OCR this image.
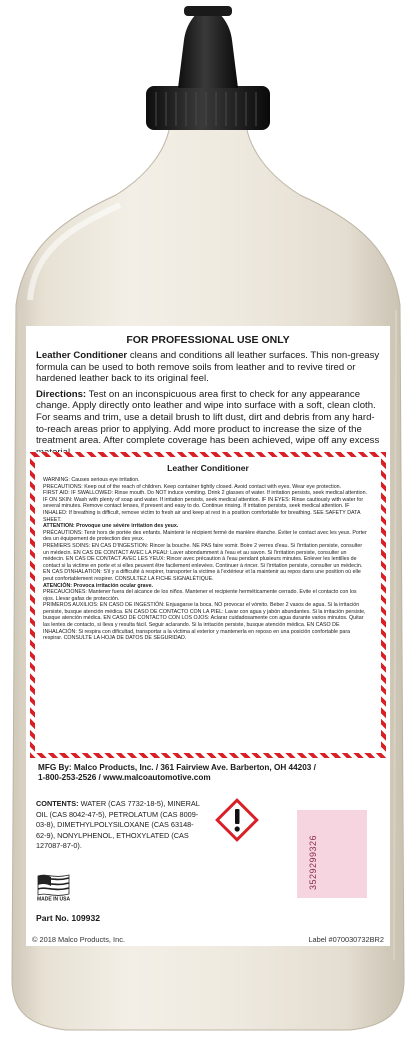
FOR PROFESSIONAL USE ONLY
Leather Conditioner cleans and conditions all leather surfaces. This non-greasy formula can be used to both remove soils from leather and to revive tired or hardened leather back to its original feel.
Directions: Test on an inconspicuous area first to check for any appearance change. Apply directly onto leather and wipe into surface with a soft, clean cloth. For seams and trim, use a detail brush to lift dust, dirt and debris from any hard-to-reach areas prior to applying. Add more product to increase the size of the treatment area. After complete coverage has been achieved, wipe off any excess
Leather Conditioner
WARNING: Causes serious eye irritation.
PRECAUTIONS: Keep out of the reach of children. Keep container tightly closed. Avoid contact with eyes. Wear eye protection.
FIRST AID: IF SWALLOWED: Rinse mouth. Do NOT induce vomiting. Drink 2 glasses of water. If irritation persists, seek medical attention. IF ON SKIN: Wash with plenty of soap and water. If irritation persists, seek medical attention. IF IN EYES: Rinse cautiously with water for several minutes. Remove contact lenses, if present and easy to do. Continue rinsing. If irritation persists, seek medical attention. IF INHALED: If breathing is difficult, remove victim to fresh air and keep at rest in a position comfortable for breathing. SEE SAFETY DATA SHEET.
ATTENTION: Provoque une sévère irritation des yeux.
PRÉCAUTIONS: Tenir hors de portée des enfants. Maintenir le récipient fermé de manière étanche. Éviter le contact avec les yeux. Porter des un équipement de protection des yeux.
PREMIERS SOINS: EN CAS D'INGESTION: Rincer la bouche. NE PAS faire vomir. Boire 2 verres d'eau. Si l'irritation persiste, consulter un médecin. EN CAS DE CONTACT AVEC LA PEAU: Laver abondamment à l'eau et au savon. Si l'irritation persiste, consulter un médecin. EN CAS DE CONTACT AVEC LES YEUX: Rincer avec précaution à l'eau pendant plusieurs minutes. Enlever les lentilles de contact si la victime en porte et si elles peuvent être facilement enlevées. Continuer à rincer. Si l'irritation persiste, consulter un médecin. EN CAS D'INHALATION: S'il y a difficulté à respirer, transporter la victime à l'extérieur et la maintenir au repos dans une position où elle peut confortablement respirer. CONSULTEZ LA FICHE SIGNALÉTIQUE.
ATENCIÓN: Provoca irritación ocular grave.
PRECAUCIONES: Mantener fuera del alcance de los niños. Mantener el recipiente herméticamente cerrado. Evite el contacto con los ojos. Llevar gafas de protección.
PRIMEROS AUXILIOS: EN CASO DE INGESTIÓN: Enjuagarse la boca. NO provocar el vómito. Beber 2 vasos de agua. Si la irritación persiste, busque atención médica. EN CASO DE CONTACTO CON LA PIEL: Lavar con agua y jabón abundantes. Si la irritación persiste, busque atención médica. EN CASO DE CONTACTO CON LOS OJOS: Aclarar cuidadosamente con agua durante varios minutos. Quitar las lentes de contacto, si lleva y resulta fácil. Seguir aclarando. Si la irritación persiste, busque atención médica. EN CASO DE INHALACIÓN: Si respira con dificultad, transportar a la víctima al exterior y mantenerla en reposo en una posición confortable para respirar. CONSULTE LA HOJA DE DATOS DE SEGURIDAD.
MFG By: Malco Products, Inc. / 361 Fairview Ave. Barberton, OH 44203 /
1-800-253-2526 / www.malcoautomotive.com
CONTENTS: WATER (CAS 7732-18-5), MINERAL OIL (CAS 8042-47-5), PETROLATUM (CAS 8009-03-8), DIMETHYLPOLYSILOXANE (CAS 63148-62-9), NONYLPHENOL, ETHOXYLATED (CAS 127087-87-0).	3529299326
MADE IN USA
Part No. 109932
© 2018 Malco Products, Inc.	Label #070030732BR2
